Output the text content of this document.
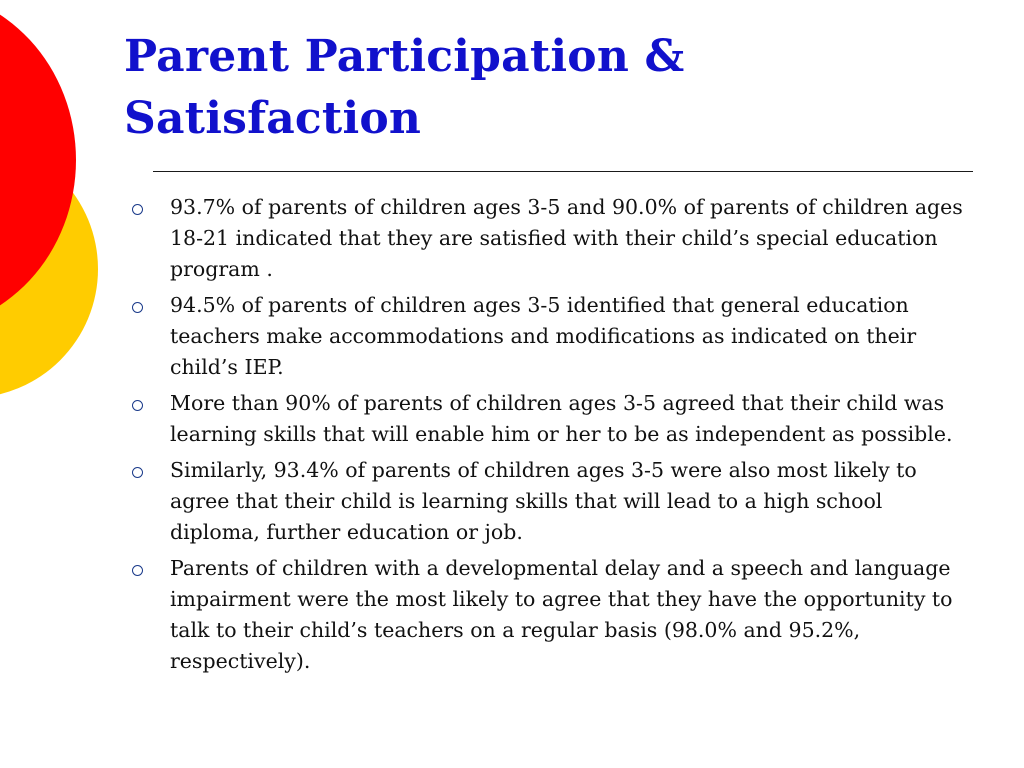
Parent Participation &
Satisfaction
93.7% of parents of children ages 3-5 and 90.0% of parents of children ages 18-21 indicated that they are satisfied with their child’s special education program .
94.5% of parents of children ages 3-5 identified that general education teachers make accommodations and modifications as indicated on their child’s IEP.
More than 90% of parents of children ages 3-5 agreed that their child was learning skills that will enable him or her to be as independent as possible.
Similarly, 93.4% of parents of children ages 3-5 were also most likely to agree that their child is learning skills that will lead to a high school diploma, further education or job.
Parents of children with a developmental delay and a speech and language impairment were the most likely to agree that they have the opportunity to talk to their child’s teachers on a regular basis (98.0% and 95.2%, respectively).
